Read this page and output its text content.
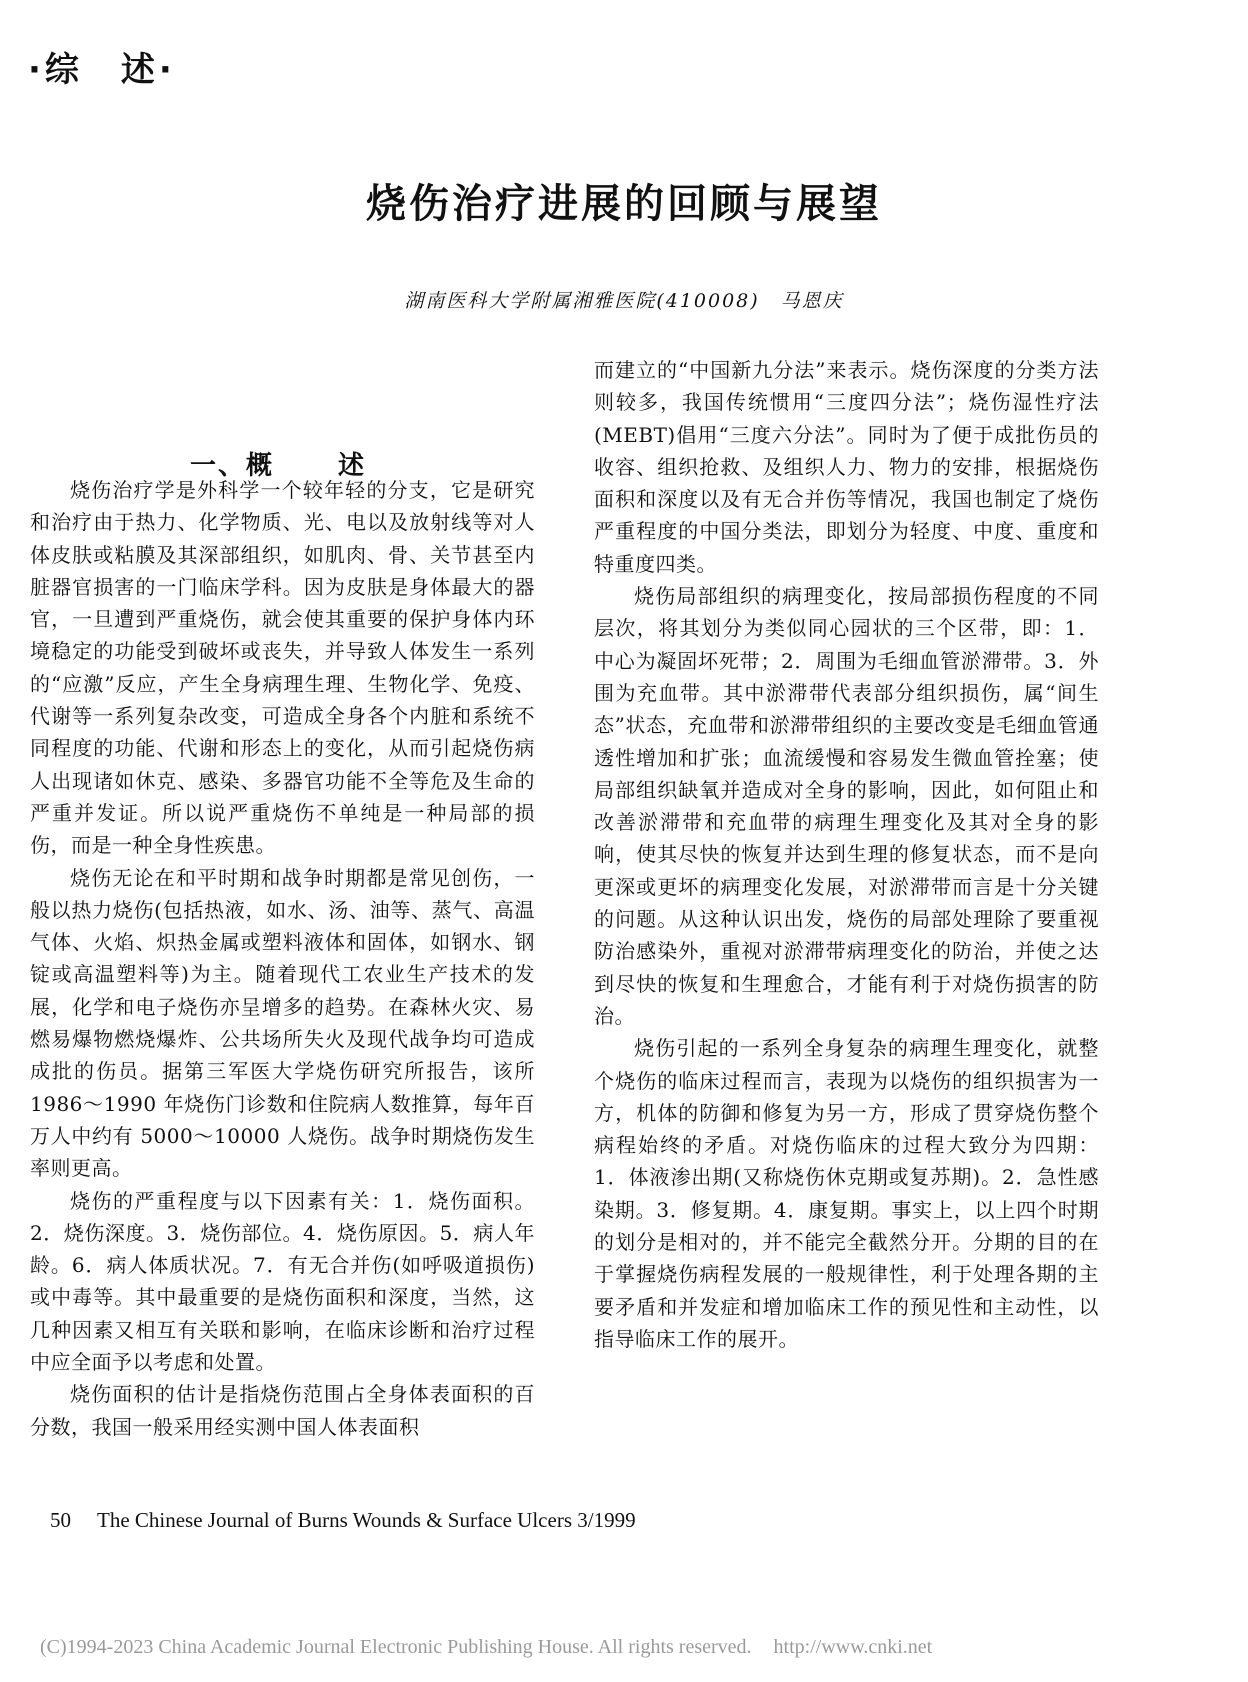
·综　述·
烧伤治疗进展的回顾与展望
湖南医科大学附属湘雅医院(410008)　马恩庆
一、概 述

烧伤治疗学是外科学一个较年轻的分支，它是研究和治疗由于热力、化学物质、光、电以及放射线等对人体皮肤或粘膜及其深部组织，如肌肉、骨、关节甚至内脏器官损害的一门临床学科。因为皮肤是身体最大的器官，一旦遭到严重烧伤，就会使其重要的保护身体内环境稳定的功能受到破坏或丧失，并导致人体发生一系列的“应激”反应，产生全身病理生理、生物化学、免疫、代谢等一系列复杂改变，可造成全身各个内脏和系统不同程度的功能、代谢和形态上的变化，从而引起烧伤病人出现诸如休克、感染、多器官功能不全等危及生命的严重并发证。所以说严重烧伤不单纯是一种局部的损伤，而是一种全身性疾患。

烧伤无论在和平时期和战争时期都是常见创伤，一般以热力烧伤(包括热液，如水、汤、油等、蒸气、高温气体、火焰、炽热金属或塑料液体和固体，如钢水、钢锭或高温塑料等)为主。随着现代工农业生产技术的发展，化学和电子烧伤亦呈增多的趋势。在森林火灾、易燃易爆物燃烧爆炸、公共场所失火及现代战争均可造成成批的伤员。据第三军医大学烧伤研究所报告，该所 1986～1990 年烧伤门诊数和住院病人数推算，每年百万人中约有 5000～10000 人烧伤。战争时期烧伤发生率则更高。

烧伤的严重程度与以下因素有关：1．烧伤面积。2．烧伤深度。3．烧伤部位。4．烧伤原因。5．病人年龄。6．病人体质状况。7．有无合并伤(如呼吸道损伤)或中毒等。其中最重要的是烧伤面积和深度，当然，这几种因素又相互有关联和影响，在临床诊断和治疗过程中应全面予以考虑和处置。

烧伤面积的估计是指烧伤范围占全身体表面积的百分数，我国一般采用经实测中国人体表面积

而建立的“中国新九分法”来表示。烧伤深度的分类方法则较多，我国传统惯用“三度四分法”；烧伤湿性疗法(MEBT)倡用“三度六分法”。同时为了便于成批伤员的收容、组织抢救、及组织人力、物力的安排，根据烧伤面积和深度以及有无合并伤等情况，我国也制定了烧伤严重程度的中国分类法，即划分为轻度、中度、重度和特重度四类。

烧伤局部组织的病理变化，按局部损伤程度的不同层次，将其划分为类似同心园状的三个区带，即：1．中心为凝固坏死带；2．周围为毛细血管淤滞带。3．外围为充血带。其中淤滞带代表部分组织损伤，属“间生态”状态，充血带和淤滞带组织的主要改变是毛细血管通透性增加和扩张；血流缓慢和容易发生微血管拴塞；使局部组织缺氧并造成对全身的影响，因此，如何阻止和改善淤滞带和充血带的病理生理变化及其对全身的影响，使其尽快的恢复并达到生理的修复状态，而不是向更深或更坏的病理变化发展，对淤滞带而言是十分关键的问题。从这种认识出发，烧伤的局部处理除了要重视防治感染外，重视对淤滞带病理变化的防治，并使之达到尽快的恢复和生理愈合，才能有利于对烧伤损害的防治。

烧伤引起的一系列全身复杂的病理生理变化，就整个烧伤的临床过程而言，表现为以烧伤的组织损害为一方，机体的防御和修复为另一方，形成了贯穿烧伤整个病程始终的矛盾。对烧伤临床的过程大致分为四期：1．体液渗出期(又称烧伤休克期或复苏期)。2．急性感染期。3．修复期。4．康复期。事实上，以上四个时期的划分是相对的，并不能完全截然分开。分期的目的在于掌握烧伤病程发展的一般规律性，利于处理各期的主要矛盾和并发症和增加临床工作的预见性和主动性，以指导临床工作的展开。

50 The Chinese Journal of Burns Wounds & Surface Ulcers 3/1999
(C)1994-2023 China Academic Journal Electronic Publishing House. All rights reserved. http://www.cnki.net
